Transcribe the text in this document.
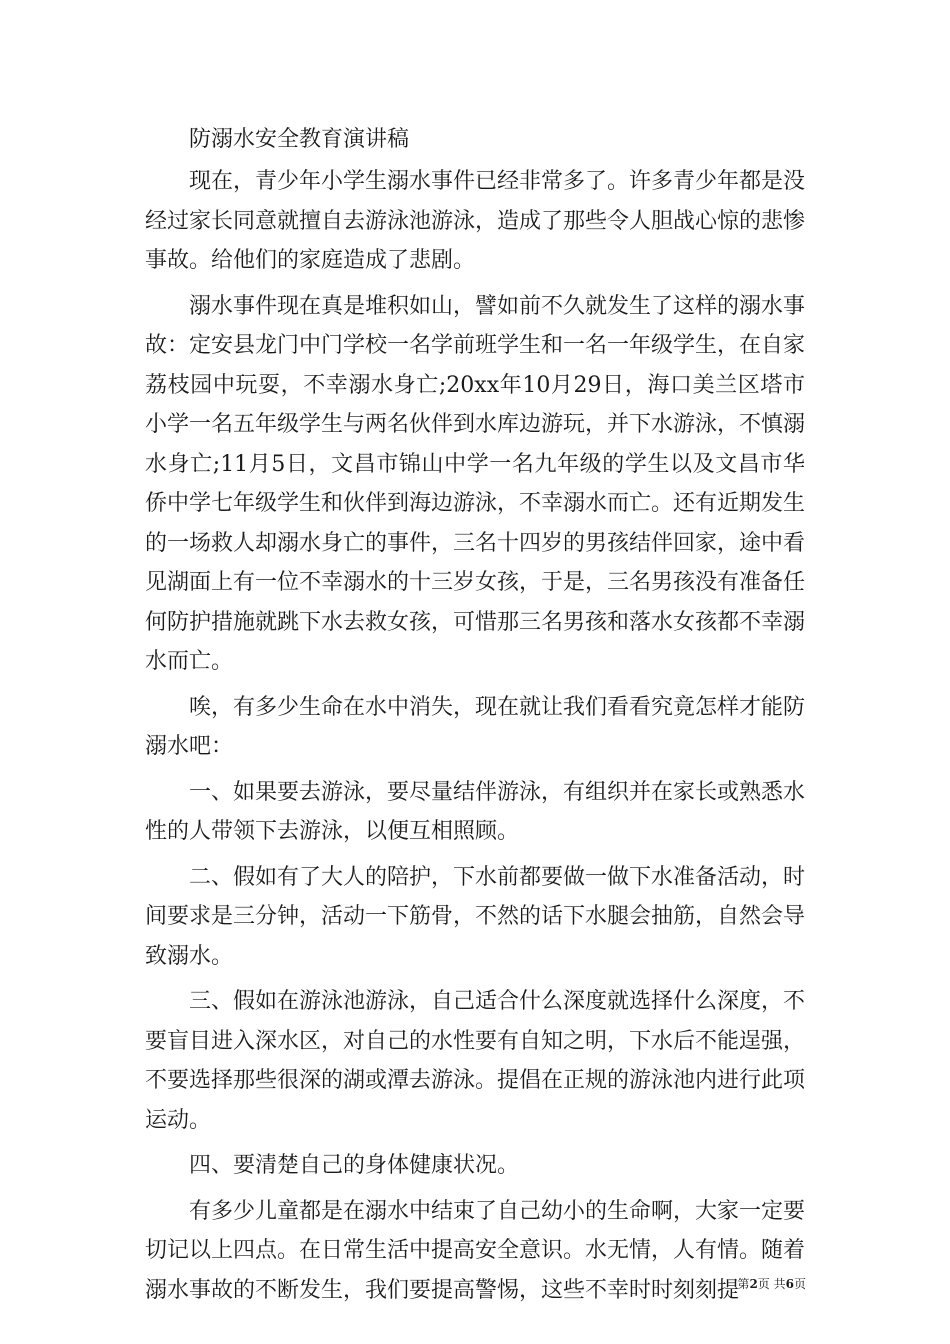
防溺水安全教育演讲稿

现在，青少年小学生溺水事件已经非常多了。许多青少年都是没经过家长同意就擅自去游泳池游泳，造成了那些令人胆战心惊的悲惨事故。给他们的家庭造成了悲剧。

溺水事件现在真是堆积如山，譬如前不久就发生了这样的溺水事故：定安县龙门中门学校一名学前班学生和一名一年级学生，在自家荔枝园中玩耍，不幸溺水身亡;20xx年10月29日，海口美兰区塔市小学一名五年级学生与两名伙伴到水库边游玩，并下水游泳，不慎溺水身亡;11月5日，文昌市锦山中学一名九年级的学生以及文昌市华侨中学七年级学生和伙伴到海边游泳，不幸溺水而亡。还有近期发生的一场救人却溺水身亡的事件，三名十四岁的男孩结伴回家，途中看见湖面上有一位不幸溺水的十三岁女孩，于是，三名男孩没有准备任何防护措施就跳下水去救女孩，可惜那三名男孩和落水女孩都不幸溺水而亡。

唉，有多少生命在水中消失，现在就让我们看看究竟怎样才能防溺水吧：

一、如果要去游泳，要尽量结伴游泳，有组织并在家长或熟悉水性的人带领下去游泳，以便互相照顾。

二、假如有了大人的陪护，下水前都要做一做下水准备活动，时间要求是三分钟，活动一下筋骨，不然的话下水腿会抽筋，自然会导致溺水。

三、假如在游泳池游泳，自己适合什么深度就选择什么深度，不要盲目进入深水区，对自己的水性要有自知之明，下水后不能逞强，不要选择那些很深的湖或潭去游泳。提倡在正规的游泳池内进行此项运动。

四、要清楚自己的身体健康状况。

有多少儿童都是在溺水中结束了自己幼小的生命啊，大家一定要切记以上四点。在日常生活中提高安全意识。水无情，人有情。随着溺水事故的不断发生，我们要提高警惕，这些不幸时时刻刻提

第2页 共6页
